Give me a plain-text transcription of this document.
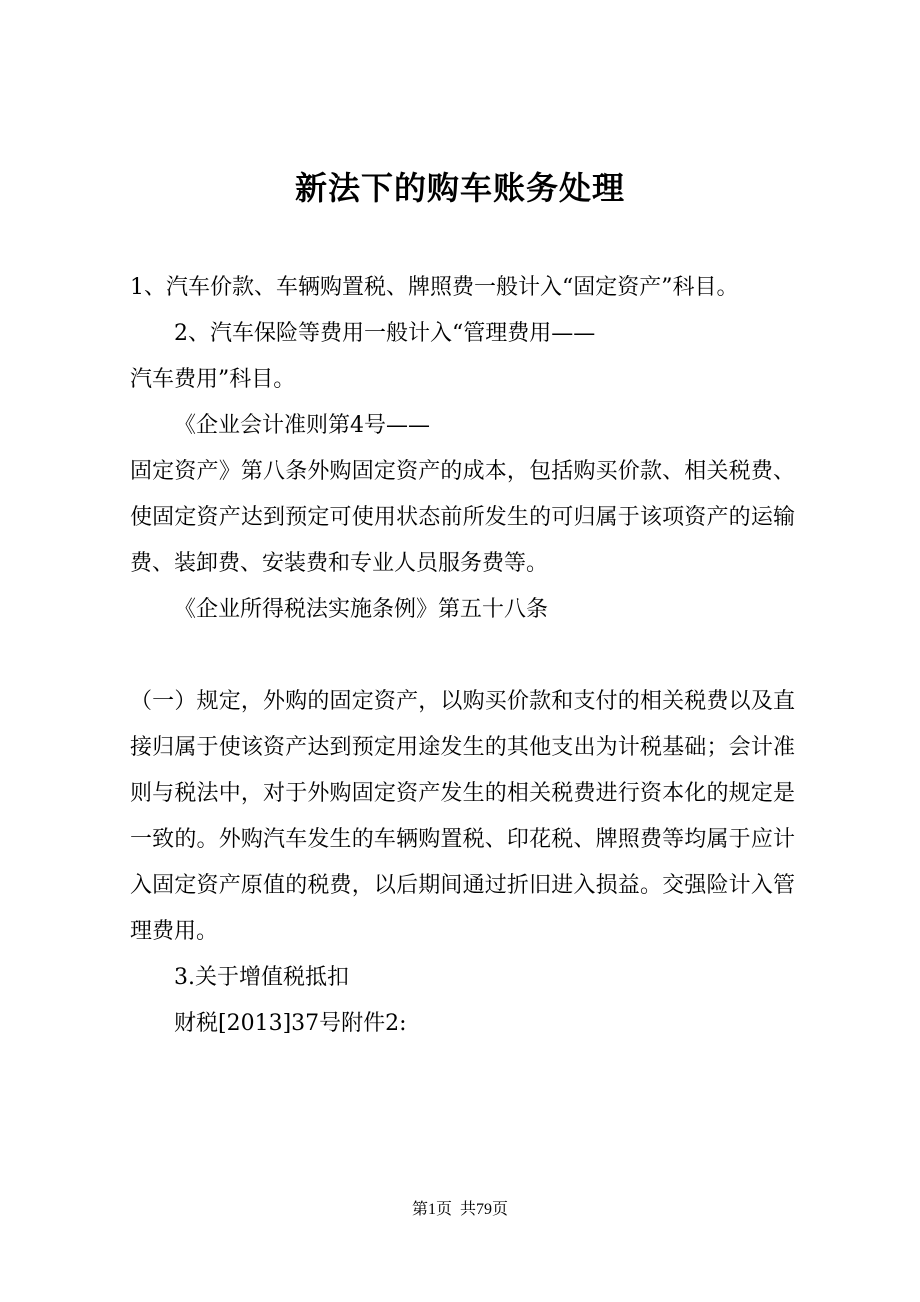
新法下的购车账务处理

1、汽车价款、车辆购置税、牌照费一般计入“固定资产”科目。

2、汽车保险等费用一般计入“管理费用——

汽车费用”科目。

《企业会计准则第4号——

固定资产》第八条外购固定资产的成本，包括购买价款、相关税费、使固定资产达到预定可使用状态前所发生的可归属于该项资产的运输费、装卸费、安装费和专业人员服务费等。

《企业所得税法实施条例》第五十八条

（一）规定，外购的固定资产，以购买价款和支付的相关税费以及直接归属于使该资产达到预定用途发生的其他支出为计税基础；会计准则与税法中，对于外购固定资产发生的相关税费进行资本化的规定是一致的。外购汽车发生的车辆购置税、印花税、牌照费等均属于应计入固定资产原值的税费，以后期间通过折旧进入损益。交强险计入管理费用。

3.关于增值税抵扣

财税[2013]37号附件2:

第1页  共79页
